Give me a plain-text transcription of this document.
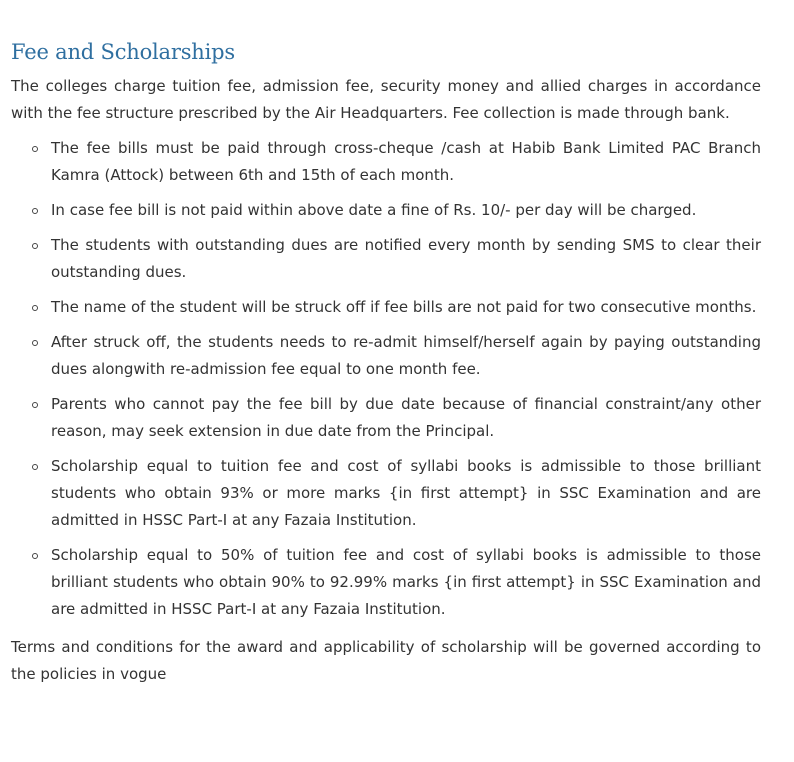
Fee and Scholarships

The colleges charge tuition fee, admission fee, security money and allied charges in accordance with the fee structure prescribed by the Air Headquarters. Fee collection is made through bank.

The fee bills must be paid through cross-cheque /cash at Habib Bank Limited PAC Branch Kamra (Attock) between 6th and 15th of each month.
In case fee bill is not paid within above date a fine of Rs. 10/- per day will be charged.
The students with outstanding dues are notified every month by sending SMS to clear their outstanding dues.
The name of the student will be struck off if fee bills are not paid for two consecutive months.
After struck off, the students needs to re-admit himself/herself again by paying outstanding dues alongwith re-admission fee equal to one month fee.
Parents who cannot pay the fee bill by due date because of financial constraint/any other reason, may seek extension in due date from the Principal.
Scholarship equal to tuition fee and cost of syllabi books is admissible to those brilliant students who obtain 93% or more marks {in first attempt} in SSC Examination and are admitted in HSSC Part-I at any Fazaia Institution.
Scholarship equal to 50% of tuition fee and cost of syllabi books is admissible to those brilliant students who obtain 90% to 92.99% marks {in first attempt} in SSC Examination and are admitted in HSSC Part-I at any Fazaia Institution.

Terms and conditions for the award and applicability of scholarship will be governed according to the policies in vogue
